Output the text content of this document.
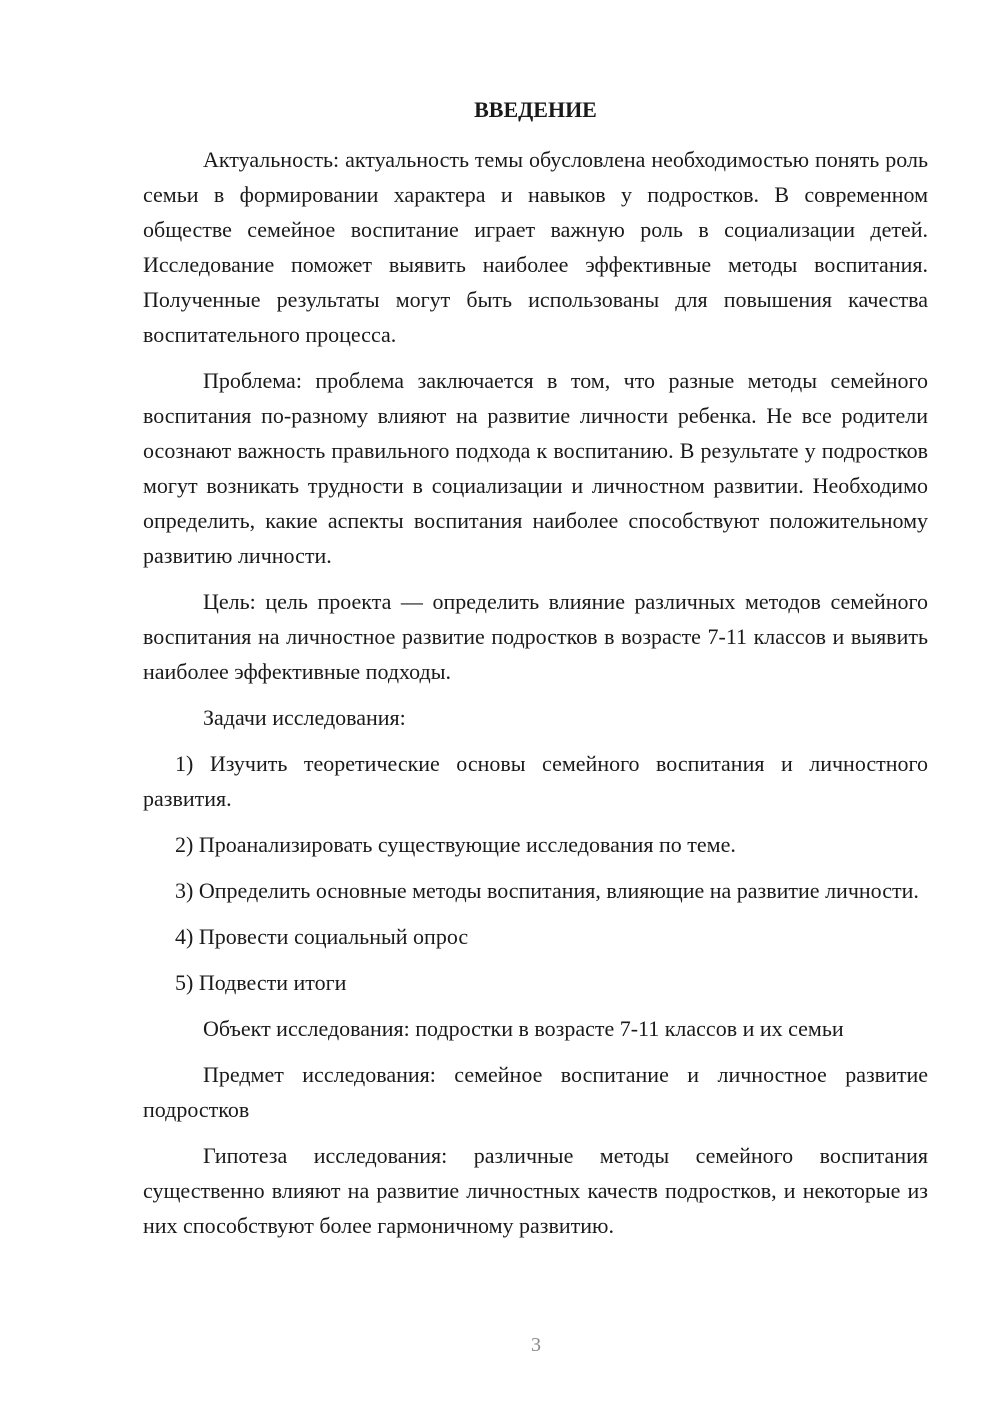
ВВЕДЕНИЕ

Актуальность: актуальность темы обусловлена необходимостью понять роль семьи в формировании характера и навыков у подростков. В современном обществе семейное воспитание играет важную роль в социализации детей. Исследование поможет выявить наиболее эффективные методы воспитания. Полученные результаты могут быть использованы для повышения качества воспитательного процесса.

Проблема: проблема заключается в том, что разные методы семейного воспитания по-разному влияют на развитие личности ребенка. Не все родители осознают важность правильного подхода к воспитанию. В результате у подростков могут возникать трудности в социализации и личностном развитии. Необходимо определить, какие аспекты воспитания наиболее способствуют положительному развитию личности.

Цель: цель проекта — определить влияние различных методов семейного воспитания на личностное развитие подростков в возрасте 7-11 классов и выявить наиболее эффективные подходы.

Задачи исследования:

1) Изучить теоретические основы семейного воспитания и личностного развития.

2) Проанализировать существующие исследования по теме.

3) Определить основные методы воспитания, влияющие на развитие личности.

4) Провести социальный опрос

5) Подвести итоги

Объект исследования: подростки в возрасте 7-11 классов и их семьи

Предмет исследования: семейное воспитание и личностное развитие подростков

Гипотеза исследования: различные методы семейного воспитания существенно влияют на развитие личностных качеств подростков, и некоторые из них способствуют более гармоничному развитию.

3
